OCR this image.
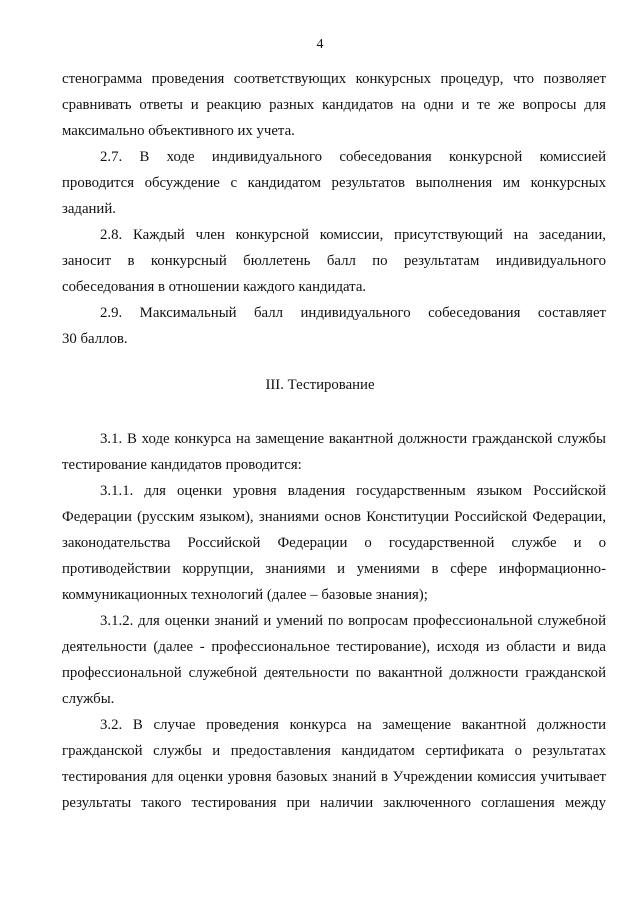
4
стенограмма проведения соответствующих конкурсных процедур, что позволяет
сравнивать ответы и реакцию разных кандидатов на одни и те же вопросы для
максимально объективного их учета.
2.7. В ходе индивидуального собеседования конкурсной комиссией
проводится обсуждение с кандидатом результатов выполнения им конкурсных
заданий.
2.8. Каждый член конкурсной комиссии, присутствующий на заседании,
заносит в конкурсный бюллетень балл по результатам индивидуального
собеседования в отношении каждого кандидата.
2.9. Максимальный балл индивидуального собеседования составляет
30 баллов.
III. Тестирование
3.1. В ходе конкурса на замещение вакантной должности гражданской службы
тестирование кандидатов проводится:
3.1.1. для оценки уровня владения государственным языком Российской
Федерации (русским языком), знаниями основ Конституции Российской Федерации,
законодательства Российской Федерации о государственной службе и о
противодействии коррупции, знаниями и умениями в сфере информационно-
коммуникационных технологий (далее – базовые знания);
3.1.2. для оценки знаний и умений по вопросам профессиональной служебной
деятельности (далее - профессиональное тестирование), исходя из области и вида
профессиональной служебной деятельности по вакантной должности гражданской
службы.
3.2. В случае проведения конкурса на замещение вакантной должности
гражданской службы и предоставления кандидатом сертификата о результатах
тестирования для оценки уровня базовых знаний в Учреждении комиссия учитывает
результаты такого тестирования при наличии заключенного соглашения между
